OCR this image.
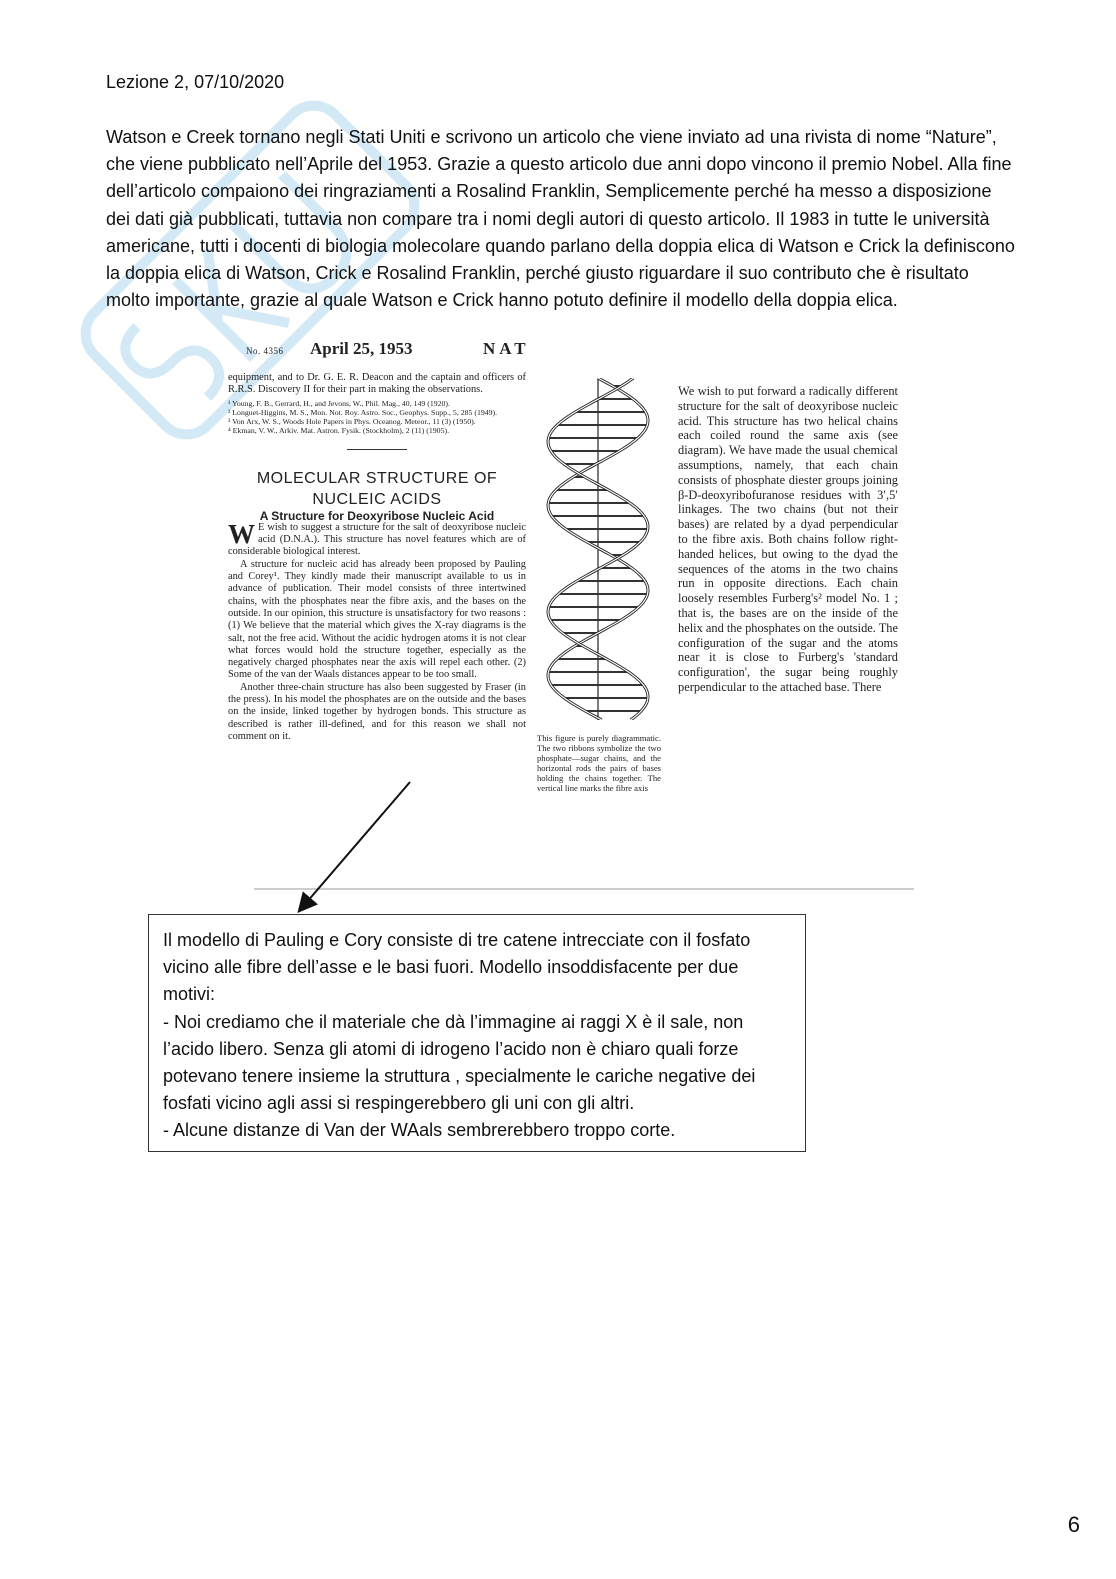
Lezione 2, 07/10/2020

Watson e Creek tornano negli Stati Uniti e scrivono un articolo che viene inviato ad una rivista di nome “Nature”, che viene pubblicato nell’Aprile del 1953. Grazie a questo articolo due anni dopo vincono il premio Nobel. Alla fine dell’articolo compaiono dei ringraziamenti a Rosalind Franklin, Semplicemente perché ha messo a disposizione dei dati già pubblicati, tuttavia non compare tra i nomi degli autori di questo articolo. Il 1983 in tutte le università americane, tutti i docenti di biologia molecolare quando parlano della doppia elica di Watson e Crick la definiscono la doppia elica di Watson, Crick e Rosalind Franklin, perché giusto riguardare il suo contributo che è risultato molto importante, grazie al quale Watson e Crick hanno potuto definire il modello della doppia elica.

No. 4356 April 25, 1953	NAT

equipment, and to Dr. G. E. R. Deacon and the captain and officers of R.R.S. Discovery II for their part in making the observations.

¹ Young, F. B., Gerrard, H., and Jevons, W., Phil. Mag., 40, 149 (1920).
² Longuet-Higgins, M. S., Mon. Not. Roy. Astro. Soc., Geophys. Supp., 5, 285 (1949).
³ Von Arx, W. S., Woods Hole Papers in Phys. Oceanog. Meteor., 11 (3) (1950).
⁴ Ekman, V. W., Arkiv. Mat. Astron. Fysik. (Stockholm), 2 (11) (1905).

MOLECULAR STRUCTURE OF

NUCLEIC ACIDS

A Structure for Deoxyribose Nucleic Acid

W E wish to suggest a structure for the salt of deoxyribose nucleic acid (D.N.A.). This structure has novel features which are of considerable biological interest.

A structure for nucleic acid has already been proposed by Pauling and Corey¹. They kindly made their manuscript available to us in advance of publication. Their model consists of three intertwined chains, with the phosphates near the fibre axis, and the bases on the outside. In our opinion, this structure is unsatisfactory for two reasons : (1) We believe that the material which gives the X-ray diagrams is the salt, not the free acid. Without the acidic hydrogen atoms it is not clear what forces would hold the structure together, especially as the negatively charged phosphates near the axis will repel each other. (2) Some of the van der Waals distances appear to be too small.

Another three-chain structure has also been suggested by Fraser (in the press). In his model the phosphates are on the outside and the bases on the inside, linked together by hydrogen bonds. This structure as described is rather ill-defined, and for this reason we shall not comment on it.	This figure is purely diagrammatic. The two ribbons symbolize the two phosphate—sugar chains, and the horizontal rods the pairs of bases holding the chains together. The vertical line marks the fibre axis
We wish to put forward a radically different structure for the salt of deoxyribose nucleic acid. This structure has two helical chains each coiled round the same axis (see diagram). We have made the usual chemical assumptions, namely, that each chain consists of phosphate diester groups joining β-D-deoxyribofuranose residues with 3′,5′ linkages. The two chains (but not their bases) are related by a dyad perpendicular to the fibre axis. Both chains follow right-handed helices, but owing to the dyad the sequences of the atoms in the two chains run in opposite directions. Each chain loosely resembles Furberg's² model No. 1 ; that is, the bases are on the inside of the helix and the phosphates on the outside. The configuration of the sugar and the atoms near it is close to Furberg's 'standard configuration', the sugar being roughly perpendicular to the attached base. There

Il modello di Pauling e Cory consiste di tre catene intrecciate con il fosfato vicino alle fibre dell’asse e le basi fuori. Modello insoddisfacente per due motivi:

- Noi crediamo che il materiale che dà l’immagine ai raggi X è il sale, non l’acido libero. Senza gli atomi di idrogeno l’acido non è chiaro quali forze potevano tenere insieme la struttura , specialmente le cariche negative dei fosfati vicino agli assi si respingerebbero gli uni con gli altri.

- Alcune distanze di Van der WAals sembrerebbero troppo corte.

6
